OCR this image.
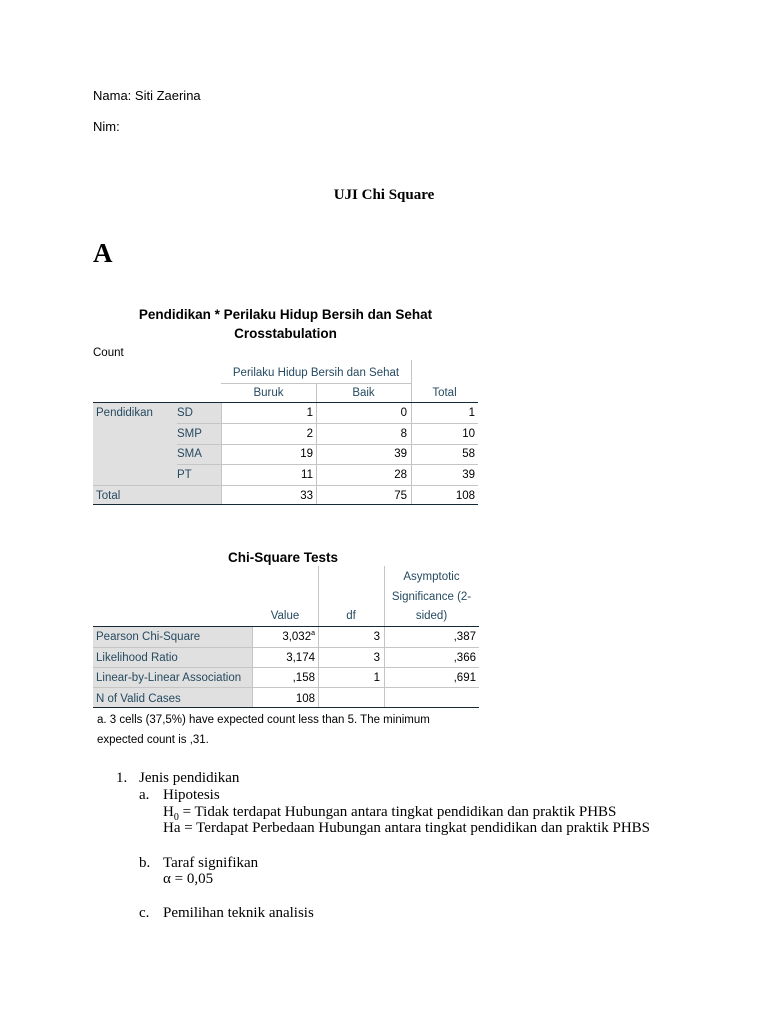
Nama: Siti Zaerina
Nim:
UJI Chi Square
A
Pendidikan * Perilaku Hidup Bersih dan Sehat
Crosstabulation
Count
Perilaku Hidup Bersih dan Sehat
Buruk	Baik	Total
Pendidikan SD	1	0	1
SMP	2	8	10
SMA	19	39	58
PT	11	28	39
Total	33	75	108
Chi-Square Tests
Asymptotic
Significance (2-
sided)
Value	df
Pearson Chi-Square	3,032$^a$	3	,387
Likelihood Ratio	3,174	3	,366
Linear-by-Linear Association	,158	1	,691
N of Valid Cases	108
a. 3 cells (37,5%) have expected count less than 5. The minimum
expected count is ,31.
1. Jenis pendidikan
a. Hipotesis
$H_0$ = Tidak terdapat Hubungan antara tingkat pendidikan dan praktik PHBS
Ha = Terdapat Perbedaan Hubungan antara tingkat pendidikan dan praktik PHBS
b. Taraf signifikan
α = 0,05
c. Pemilihan teknik analisis
